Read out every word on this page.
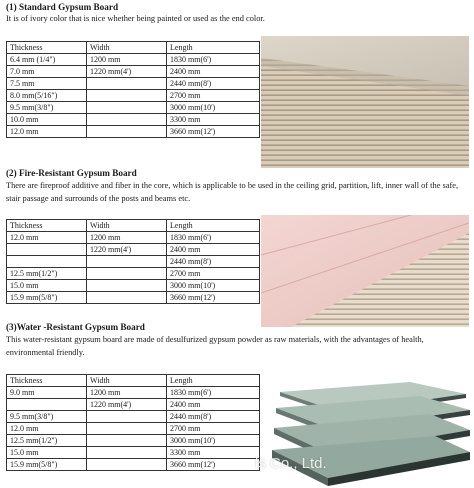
(1) Standard Gypsum Board
It is of ivory color that is nice whether being painted or used as the end color.
Thickness	Width	Length
6.4 mm (1/4")	1200 mm	1830 mm(6')
7.0 mm	1220 mm(4')	2400 mm
7.5 mm		2440 mm(8')
8.0 mm(5/16")		2700 mm
9.5 mm(3/8")		3000 mm(10')
10.0 mm		3300 mm
12.0 mm		3660 mm(12')
(2) Fire-Resistant Gypsum Board
There are fireproof additive and fiber in the core, which is applicable to be used in the ceiling grid, partition, lift, inner wall of the safe, stair passage and surrounds of the posts and beams etc.
Thickness	Width	Length
12.0 mm	1200 mm	1830 mm(6')
	1220 mm(4')	2400 mm
		2440 mm(8')
12.5 mm(1/2")		2700 mm
15.0 mm		3000 mm(10')
15.9 mm(5/8")		3660 mm(12')
(3)Water -Resistant Gypsum Board
This water-resistant gypsum board are made of desulfurized gypsum powder as raw materials, with the advantages of health, environmental friendly.
Thickness	Width	Length
9.0 mm	1200 mm	1830 mm(6')
	1220 mm(4')	2400 mm
9.5 mm(3/8")		2440 mm(8')
12.0 mm		2700 mm
12.5 mm(1/2")		3000 mm(10')
15.0 mm		3300 mm
15.9 mm(5/8")		3660 mm(12')	ls Co., Ltd.
